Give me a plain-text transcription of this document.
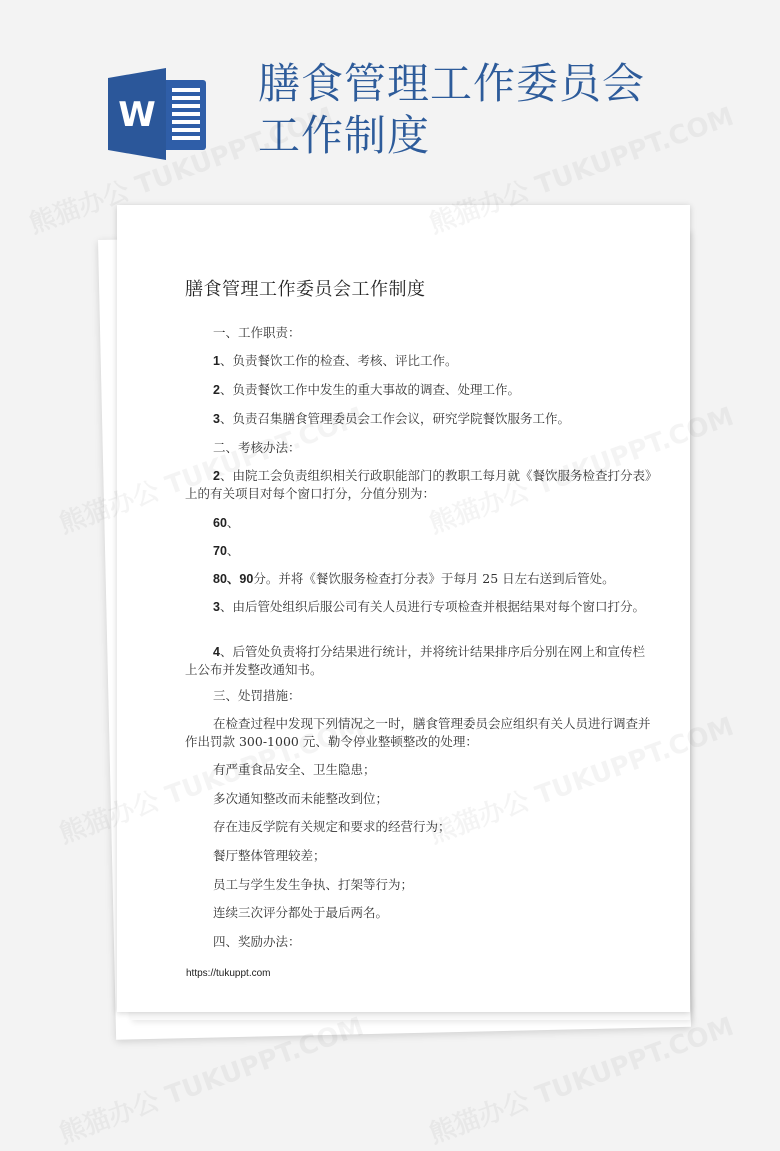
W
膳食管理工作委员会工作制度
膳食管理工作委员会工作制度
一、工作职责：
1、负责餐饮工作的检查、考核、评比工作。
2、负责餐饮工作中发生的重大事故的调查、处理工作。
3、负责召集膳食管理委员会工作会议，研究学院餐饮服务工作。
二、考核办法：
2、由院工会负责组织相关行政职能部门的教职工每月就《餐饮服务检查打分表》上的有关项目对每个窗口打分，分值分别为：
60、
70、
80、90分。并将《餐饮服务检查打分表》于每月 25 日左右送到后管处。
3、由后管处组织后服公司有关人员进行专项检查并根据结果对每个窗口打分。
4、后管处负责将打分结果进行统计，并将统计结果排序后分别在网上和宣传栏上公布并发整改通知书。
三、处罚措施：
在检查过程中发现下列情况之一时，膳食管理委员会应组织有关人员进行调查并作出罚款 300-1000 元、勒令停业整顿整改的处理：
有严重食品安全、卫生隐患；
多次通知整改而未能整改到位；
存在违反学院有关规定和要求的经营行为；
餐厅整体管理较差；
员工与学生发生争执、打架等行为；
连续三次评分都处于最后两名。
四、奖励办法：
https://tukuppt.com
